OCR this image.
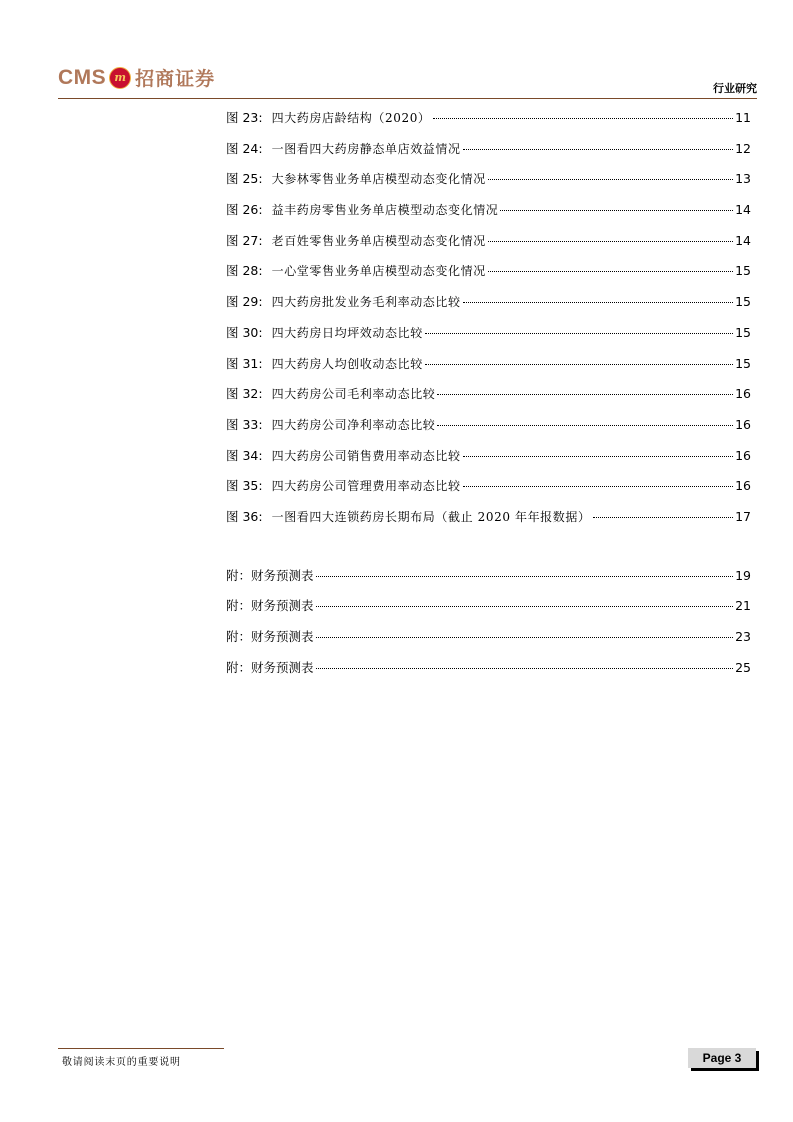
CMS m 招商证券	行业研究
图 23: 四大药房店龄结构（2020）	11
图 24: 一图看四大药房静态单店效益情况	12
图 25: 大参林零售业务单店模型动态变化情况	13
图 26: 益丰药房零售业务单店模型动态变化情况	14
图 27: 老百姓零售业务单店模型动态变化情况	14
图 28: 一心堂零售业务单店模型动态变化情况	15
图 29: 四大药房批发业务毛利率动态比较	15
图 30: 四大药房日均坪效动态比较	15
图 31: 四大药房人均创收动态比较	15
图 32: 四大药房公司毛利率动态比较	16
图 33: 四大药房公司净利率动态比较	16
图 34: 四大药房公司销售费用率动态比较	16
图 35: 四大药房公司管理费用率动态比较	16
图 36: 一图看四大连锁药房长期布局（截止 2020 年年报数据）	17
附：财务预测表	19
附：财务预测表	21
附：财务预测表	23
附：财务预测表	25
敬请阅读末页的重要说明	Page 3
